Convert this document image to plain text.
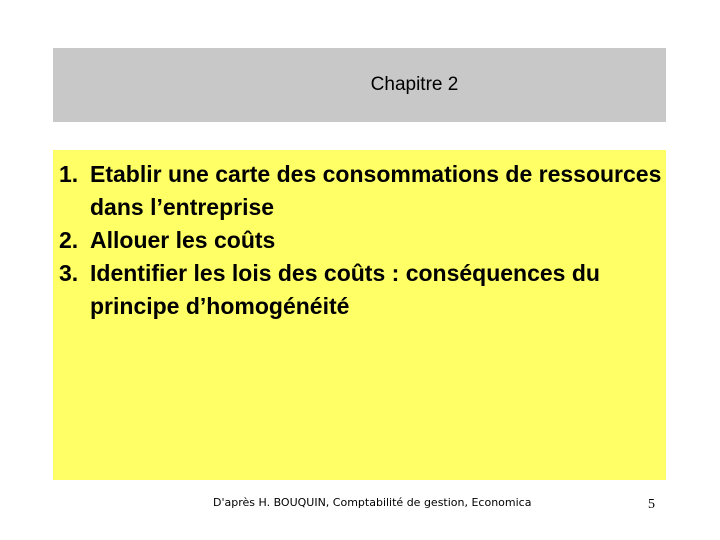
Chapitre 2
1. Etablir une carte des consommations de ressources dans l’entreprise
2. Allouer les coûts
3. Identifier les lois des coûts : conséquences du principe d’homogénéité
D'après H. BOUQUIN, Comptabilité de gestion, Economica	5
